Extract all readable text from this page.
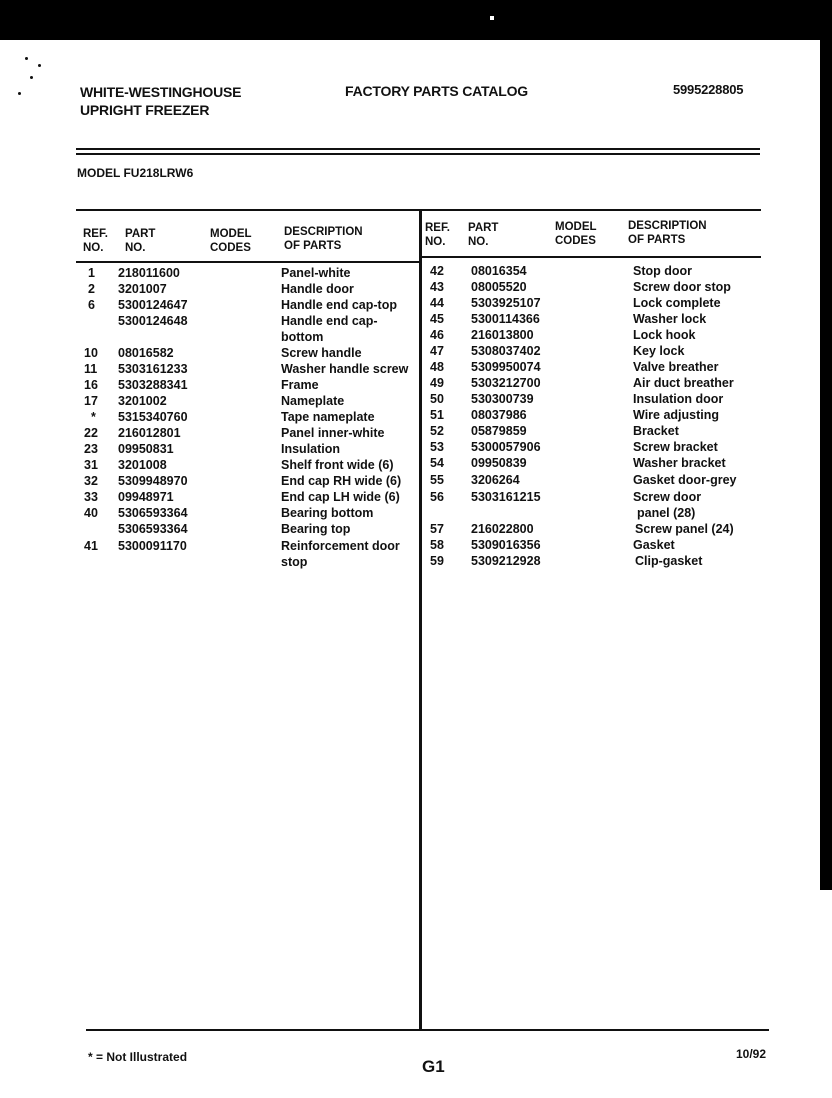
WHITE-WESTINGHOUSE
UPRIGHT FREEZER
FACTORY PARTS CATALOG	5995228805
MODEL FU218LRW6
REF.
NO.
PART
NO.
MODEL
CODES
DESCRIPTION
OF PARTS
REF.
NO.
PART
NO.
MODEL
CODES
DESCRIPTION
OF PARTS
1 218011600	Panel-white
2 3201007	Handle door
6 5300124647	Handle end cap-top
5300124648	Handle end cap-
bottom
10 08016582	Screw handle
11 5303161233	Washer handle screw
16 5303288341	Frame
17 3201002	Nameplate
* 5315340760	Tape nameplate
22 216012801	Panel inner-white
23 09950831	Insulation
31 3201008	Shelf front wide (6)
32 5309948970	End cap RH wide (6)
33 09948971	End cap LH wide (6)
40 5306593364	Bearing bottom
5306593364	Bearing top
41 5300091170	Reinforcement door
stop
42 08016354	Stop door
43 08005520	Screw door stop
44 5303925107	Lock complete
45 5300114366	Washer lock
46 216013800	Lock hook
47 5308037402	Key lock
48 5309950074	Valve breather
49 5303212700	Air duct breather
50 530300739	Insulation door
51 08037986	Wire adjusting
52 05879859	Bracket
53 5300057906	Screw bracket
54 09950839	Washer bracket
55 3206264	Gasket door-grey
56 5303161215	Screw door
panel (28)
57 216022800	Screw panel (24)
58 5309016356	Gasket
59 5309212928	Clip-gasket
* = Not Illustrated	G1
10/92
